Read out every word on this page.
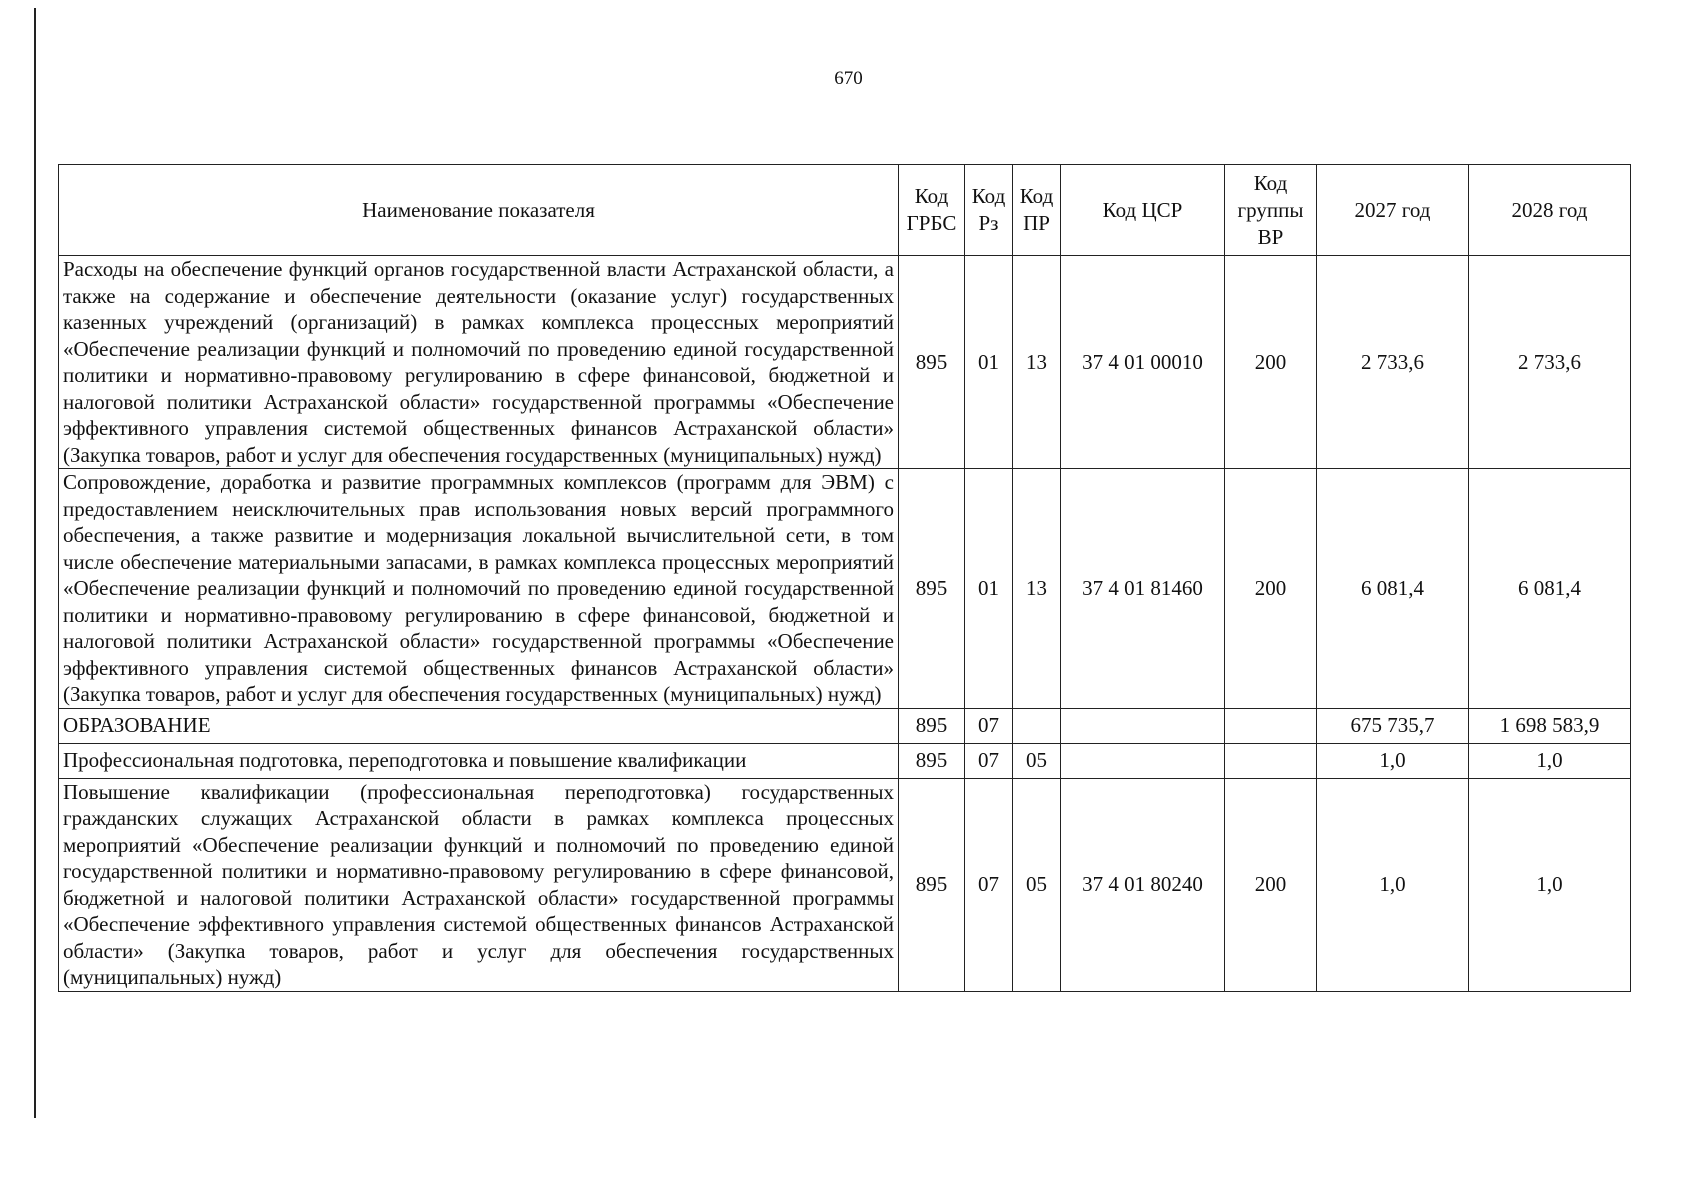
670
Наименование показателя	Код ГРБС	Код Рз	Код ПР	Код ЦСР	Код группы ВР	2027 год	2028 год
Расходы на обеспечение функций органов государственной власти Астраханской области, а также на содержание и обеспечение деятельности (оказание услуг) государственных казенных учреждений (организаций) в рамках комплекса процессных мероприятий «Обеспечение реализации функций и полномочий по проведению единой государственной политики и нормативно-правовому регулированию в сфере финансовой, бюджетной и налоговой политики Астраханской области» государственной программы «Обеспечение эффективного управления системой общественных финансов Астраханской области» (Закупка товаров, работ и услуг для обеспечения государственных (муниципальных) нужд)	895	01	13	37 4 01 00010	200	2 733,6	2 733,6
Сопровождение, доработка и развитие программных комплексов (программ для ЭВМ) с предоставлением неисключительных прав использования новых версий программного обеспечения, а также развитие и модернизация локальной вычислительной сети, в том числе обеспечение материальными запасами, в рамках комплекса процессных мероприятий «Обеспечение реализации функций и полномочий по проведению единой государственной политики и нормативно-правовому регулированию в сфере финансовой, бюджетной и налоговой политики Астраханской области» государственной программы «Обеспечение эффективного управления системой общественных финансов Астраханской области» (Закупка товаров, работ и услуг для обеспечения государственных (муниципальных) нужд)	895	01	13	37 4 01 81460	200	6 081,4	6 081,4
ОБРАЗОВАНИЕ	895	07				675 735,7	1 698 583,9
Профессиональная подготовка, переподготовка и повышение квалификации	895	07	05			1,0	1,0
Повышение квалификации (профессиональная переподготовка) государственных гражданских служащих Астраханской области в рамках комплекса процессных мероприятий «Обеспечение реализации функций и полномочий по проведению единой государственной политики и нормативно-правовому регулированию в сфере финансовой, бюджетной и налоговой политики Астраханской области» государственной программы «Обеспечение эффективного управления системой общественных финансов Астраханской области» (Закупка товаров, работ и услуг для обеспечения государственных (муниципальных) нужд)	895	07	05	37 4 01 80240	200	1,0	1,0
